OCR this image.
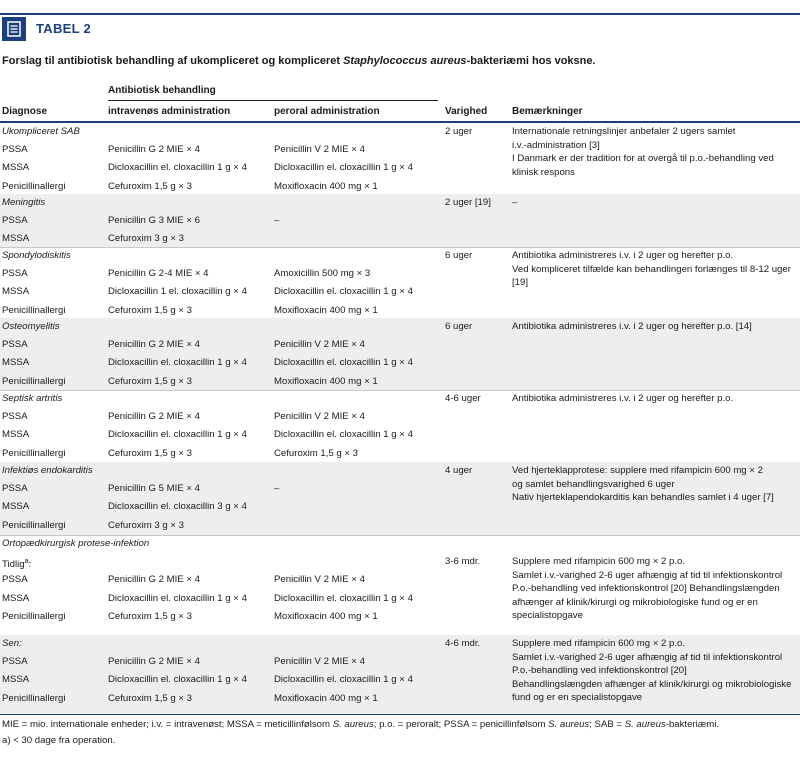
TABEL 2
Forslag til antibiotisk behandling af ukompliceret og kompliceret Staphylococcus aureus-bakteriæmi hos voksne.
Antibiotisk behandling
Diagnose	intravenøs administration	peroral administration	Varighed Bemærkninger
Ukompliceret SAB	2 uger
PSSA	Penicillin G 2 MIE × 4	Penicillin V 2 MIE × 4
MSSA	Dicloxacillin el. cloxacillin 1 g × 4	Dicloxacillin el. cloxacillin 1 g × 4
Penicillinallergi	Cefuroxim 1,5 g × 3	Moxifloxacin 400 mg × 1
Internationale retningslinjer anbefaler 2 ugers samlet
i.v.-administration [3]
I Danmark er der tradition for at overgå til p.o.-behandling ved
klinisk respons
Meningitis	2 uger [19]
PSSA	Penicillin G 3 MIE × 6	–
MSSA	Cefuroxim 3 g × 3
–
Spondylodiskitis	6 uger
PSSA	Penicillin G 2-4 MIE × 4	Amoxicillin 500 mg × 3
MSSA	Dicloxacillin 1 el. cloxacillin g × 4	Dicloxacillin el. cloxacillin 1 g × 4
Penicillinallergi	Cefuroxim 1,5 g × 3	Moxifloxacin 400 mg × 1
Antibiotika administreres i.v. i 2 uger og herefter p.o.
Ved kompliceret tilfælde kan behandlingen forlænges til 8-12 uger
[19]
Osteomyelitis	6 uger
PSSA	Penicillin G 2 MIE × 4	Penicillin V 2 MIE × 4
MSSA	Dicloxacillin el. cloxacillin 1 g × 4	Dicloxacillin el. cloxacillin 1 g × 4
Penicillinallergi	Cefuroxim 1,5 g × 3	Moxifloxacin 400 mg × 1
Antibiotika administreres i.v. i 2 uger og herefter p.o. [14]
Septisk artritis	4-6 uger
PSSA	Penicillin G 2 MIE × 4	Penicillin V 2 MIE × 4
MSSA	Dicloxacillin el. cloxacillin 1 g × 4	Dicloxacillin el. cloxacillin 1 g × 4
Penicillinallergi	Cefuroxim 1,5 g × 3	Cefuroxim 1,5 g × 3
Antibiotika administreres i.v. i 2 uger og herefter p.o.
Infektiøs endokarditis	4 uger
PSSA	Penicillin G 5 MIE × 4	–
MSSA	Dicloxacillin el. cloxacillin 3 g × 4
Penicillinallergi	Cefuroxim 3 g × 3
Ved hjerteklapprotese: supplere med rifampicin 600 mg × 2
og samlet behandlingsvarighed 6 uger
Nativ hjerteklapendokarditis kan behandles samlet i 4 uger [7]
Ortopædkirurgisk protese-infektion
Tidlig$^a$:	3-6 mdr.
PSSA	Penicillin G 2 MIE × 4	Penicillin V 2 MIE × 4
MSSA	Dicloxacillin el. cloxacillin 1 g × 4	Dicloxacillin el. cloxacillin 1 g × 4
Penicillinallergi	Cefuroxim 1,5 g × 3	Moxifloxacin 400 mg × 1
Supplere med rifampicin 600 mg × 2 p.o.
Samlet i.v.-varighed 2-6 uger afhængig af tid til infektionskontrol
P.o.-behandling ved infektionskontrol [20] Behandlingslængden
afhænger af klinik/kirurgi og mikrobiologiske fund og er en
specialistopgave
Sen:	4-6 mdr.
PSSA	Penicillin G 2 MIE × 4	Penicillin V 2 MIE × 4
MSSA	Dicloxacillin el. cloxacillin 1 g × 4	Dicloxacillin el. cloxacillin 1 g × 4
Penicillinallergi	Cefuroxim 1,5 g × 3	Moxifloxacin 400 mg × 1
Supplere med rifampicin 600 mg × 2 p.o.
Samlet i.v.-varighed 2-6 uger afhængig af tid til infektionskontrol
P.o.-behandling ved infektionskontrol [20]
Behandlingslængden afhænger af klinik/kirurgi og mikrobiologiske
fund og er en specialistopgave
MIE = mio. internationale enheder; i.v. = intravenøst; MSSA = meticillinfølsom S. aureus; p.o. = peroralt; PSSA = penicillinfølsom S. aureus; SAB = S. aureus-bakteriæmi.
a) < 30 dage fra operation.
